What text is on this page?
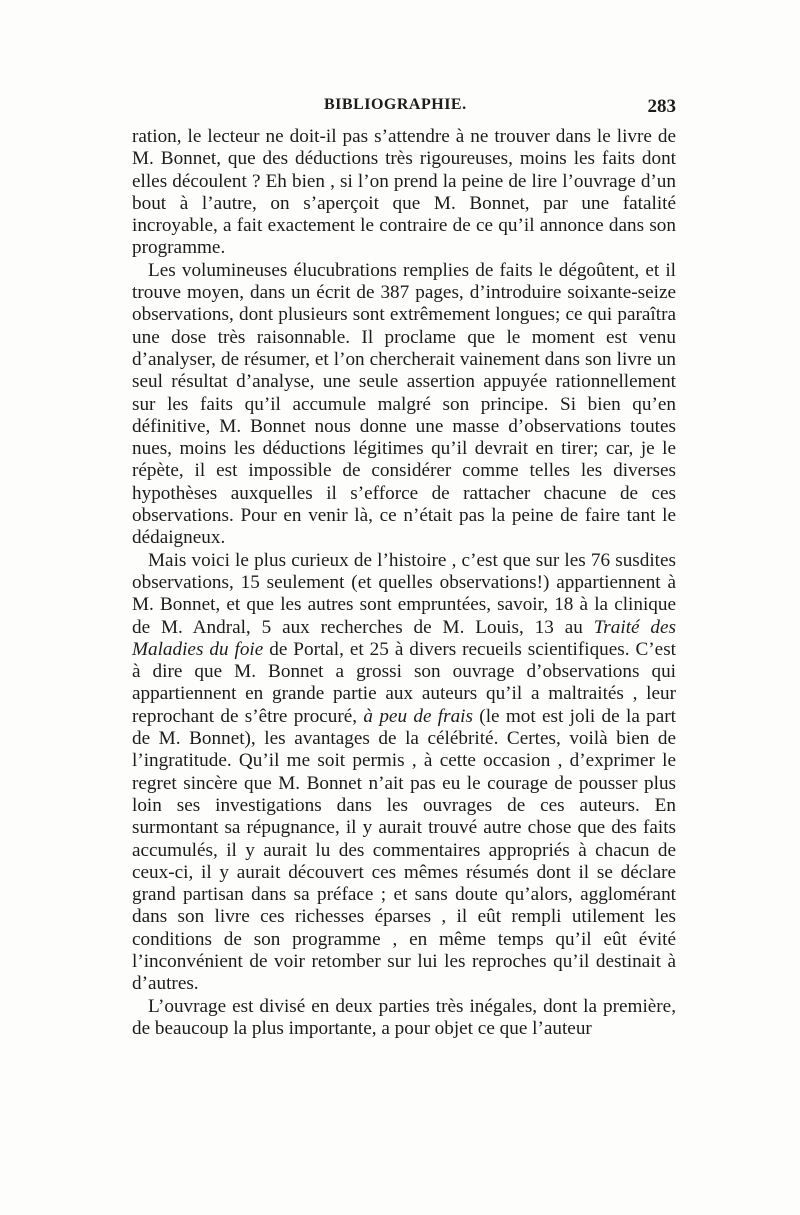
BIBLIOGRAPHIE.	283

ration, le lecteur ne doit-il pas s’attendre à ne trouver dans le livre de M. Bonnet, que des déductions très rigoureuses, moins les faits dont elles découlent ? Eh bien , si l’on prend la peine de lire l’ouvrage d’un bout à l’autre, on s’aperçoit que M. Bonnet, par une fatalité incroyable, a fait exactement le contraire de ce qu’il annonce dans son programme.

Les volumineuses élucubrations remplies de faits le dégoûtent, et il trouve moyen, dans un écrit de 387 pages, d’introduire soixante-seize observations, dont plusieurs sont extrêmement longues; ce qui paraîtra une dose très raisonnable. Il proclame que le moment est venu d’analyser, de résumer, et l’on chercherait vainement dans son livre un seul résultat d’analyse, une seule assertion appuyée rationnellement sur les faits qu’il accumule malgré son principe. Si bien qu’en définitive, M. Bonnet nous donne une masse d’observations toutes nues, moins les déductions légitimes qu’il devrait en tirer; car, je le répète, il est impossible de considérer comme telles les diverses hypothèses auxquelles il s’efforce de rattacher chacune de ces observations. Pour en venir là, ce n’était pas la peine de faire tant le dédaigneux.

Mais voici le plus curieux de l’histoire , c’est que sur les 76 susdites observations, 15 seulement (et quelles observations!) appartiennent à M. Bonnet, et que les autres sont empruntées, savoir, 18 à la clinique de M. Andral, 5 aux recherches de M. Louis, 13 au Traité des Maladies du foie de Portal, et 25 à divers recueils scientifiques. C’est à dire que M. Bonnet a grossi son ouvrage d’observations qui appartiennent en grande partie aux auteurs qu’il a maltraités , leur reprochant de s’être procuré, à peu de frais (le mot est joli de la part de M. Bonnet), les avantages de la célébrité. Certes, voilà bien de l’ingratitude. Qu’il me soit permis , à cette occasion , d’exprimer le regret sincère que M. Bonnet n’ait pas eu le courage de pousser plus loin ses investigations dans les ouvrages de ces auteurs. En surmontant sa répugnance, il y aurait trouvé autre chose que des faits accumulés, il y aurait lu des commentaires appropriés à chacun de ceux-ci, il y aurait découvert ces mêmes résumés dont il se déclare grand partisan dans sa préface ; et sans doute qu’alors, agglomérant dans son livre ces richesses éparses , il eût rempli utilement les conditions de son programme , en même temps qu’il eût évité l’inconvénient de voir retomber sur lui les reproches qu’il destinait à d’autres.

L’ouvrage est divisé en deux parties très inégales, dont la première, de beaucoup la plus importante, a pour objet ce que l’auteur
